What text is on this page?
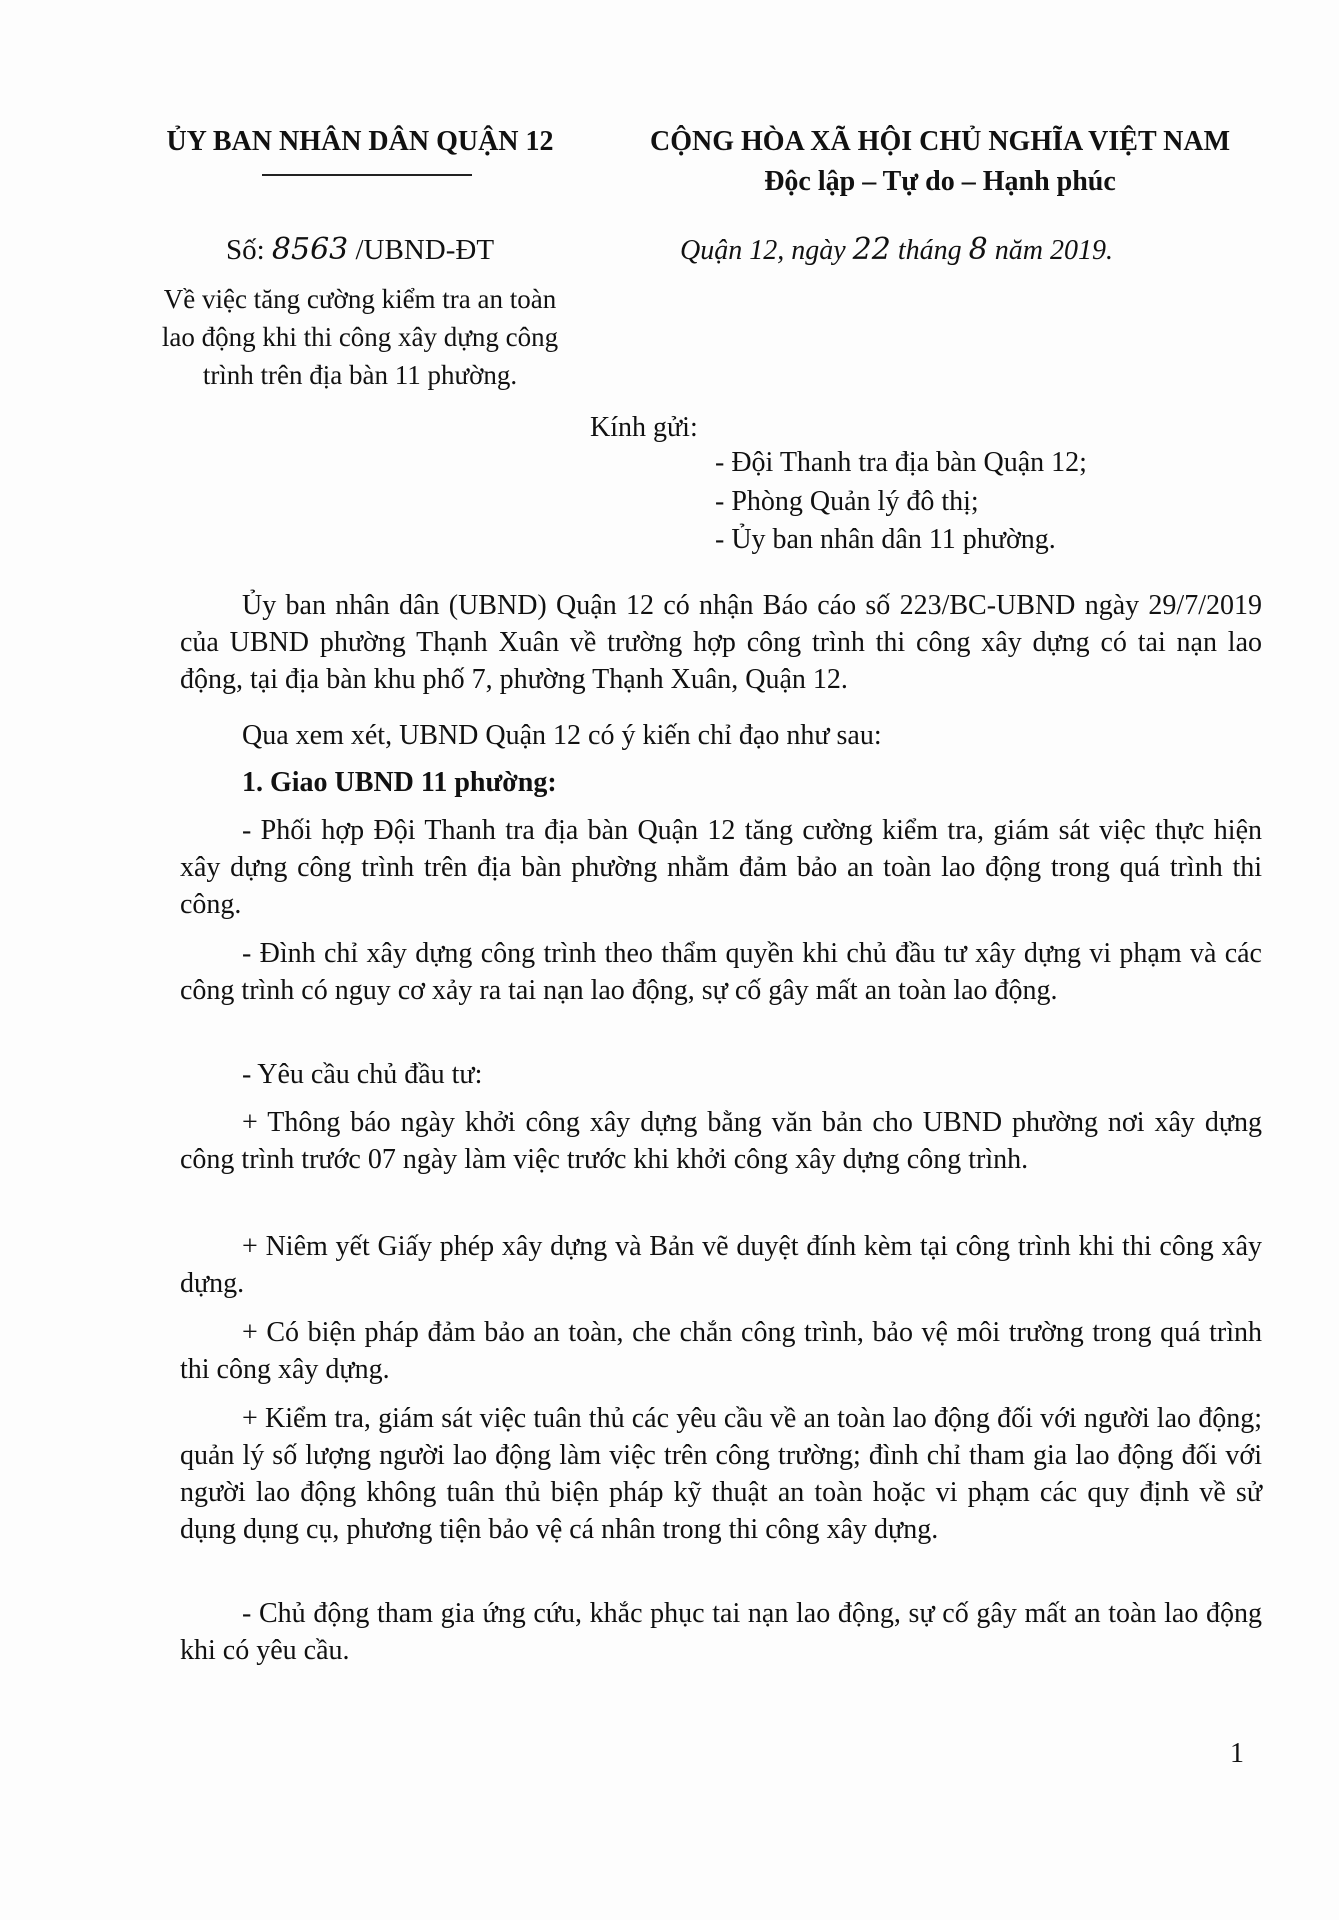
ỦY BAN NHÂN DÂN QUẬN 12	CỘNG HÒA XÃ HỘI CHỦ NGHĨA VIỆT NAM
Độc lập – Tự do – Hạnh phúc
Số: 8563 /UBND-ĐT	Quận 12, ngày 22 tháng 8 năm 2019.
Về việc tăng cường kiểm tra an toàn lao động khi thi công xây dựng công trình trên địa bàn 11 phường.
Kính gửi:
- Đội Thanh tra địa bàn Quận 12;
- Phòng Quản lý đô thị;
- Ủy ban nhân dân 11 phường.
Ủy ban nhân dân (UBND) Quận 12 có nhận Báo cáo số 223/BC-UBND ngày 29/7/2019 của UBND phường Thạnh Xuân về trường hợp công trình thi công xây dựng có tai nạn lao động, tại địa bàn khu phố 7, phường Thạnh Xuân, Quận 12.
Qua xem xét, UBND Quận 12 có ý kiến chỉ đạo như sau:
1. Giao UBND 11 phường:
- Phối hợp Đội Thanh tra địa bàn Quận 12 tăng cường kiểm tra, giám sát việc thực hiện xây dựng công trình trên địa bàn phường nhằm đảm bảo an toàn lao động trong quá trình thi công.
- Đình chỉ xây dựng công trình theo thẩm quyền khi chủ đầu tư xây dựng vi phạm và các công trình có nguy cơ xảy ra tai nạn lao động, sự cố gây mất an toàn lao động.
- Yêu cầu chủ đầu tư:
+ Thông báo ngày khởi công xây dựng bằng văn bản cho UBND phường nơi xây dựng công trình trước 07 ngày làm việc trước khi khởi công xây dựng công trình.
+ Niêm yết Giấy phép xây dựng và Bản vẽ duyệt đính kèm tại công trình khi thi công xây dựng.
+ Có biện pháp đảm bảo an toàn, che chắn công trình, bảo vệ môi trường trong quá trình thi công xây dựng.
+ Kiểm tra, giám sát việc tuân thủ các yêu cầu về an toàn lao động đối với người lao động; quản lý số lượng người lao động làm việc trên công trường; đình chỉ tham gia lao động đối với người lao động không tuân thủ biện pháp kỹ thuật an toàn hoặc vi phạm các quy định về sử dụng dụng cụ, phương tiện bảo vệ cá nhân trong thi công xây dựng.
- Chủ động tham gia ứng cứu, khắc phục tai nạn lao động, sự cố gây mất an toàn lao động khi có yêu cầu.
1
